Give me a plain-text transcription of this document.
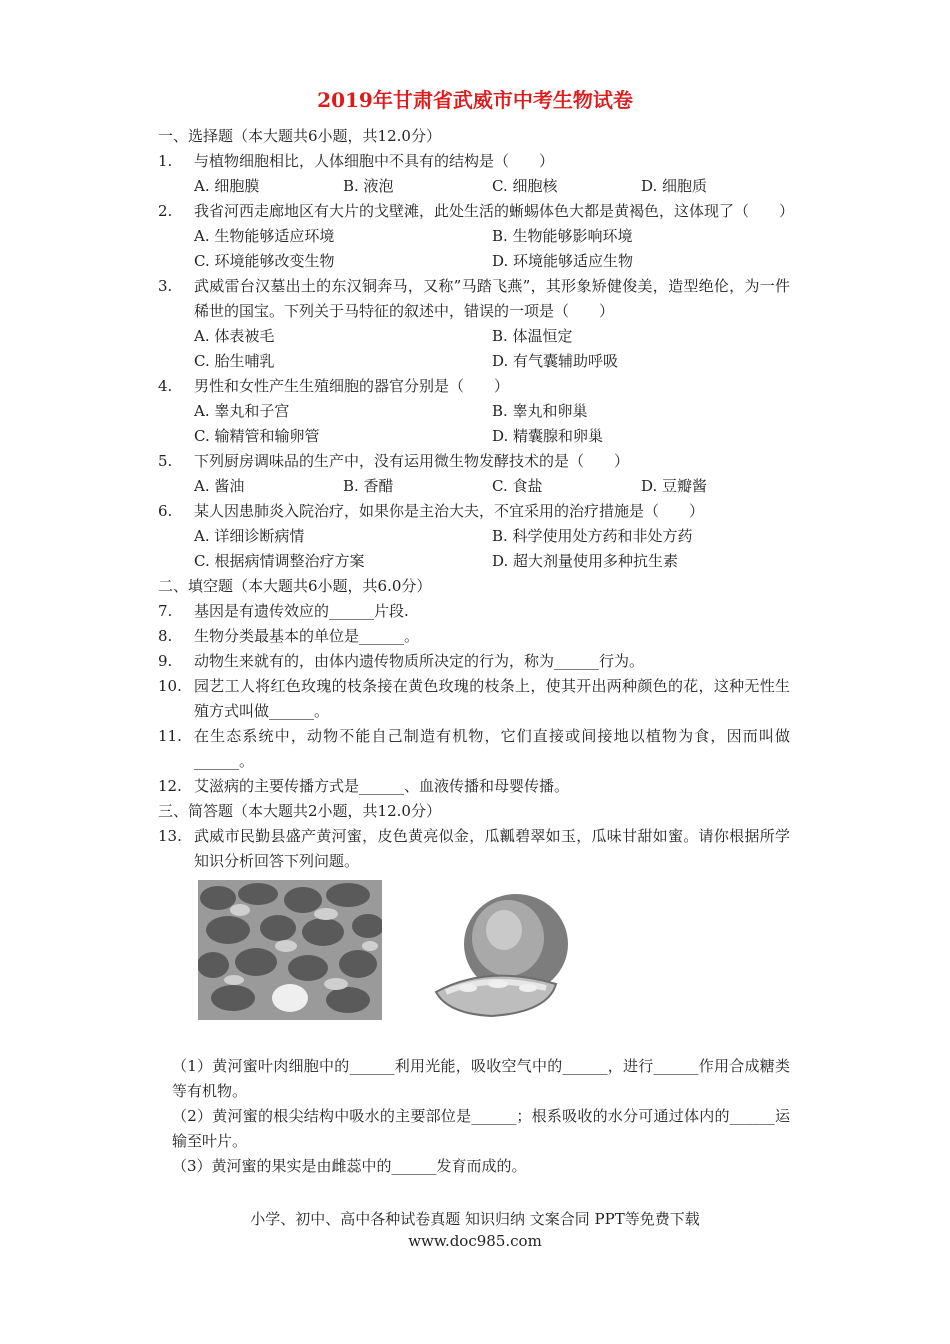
2019年甘肃省武威市中考生物试卷
一、选择题（本大题共6小题，共12.0分）
1.	与植物细胞相比，人体细胞中不具有的结构是（　　）
A. 细胞膜	B. 液泡	C. 细胞核	D. 细胞质
2.	我省河西走廊地区有大片的戈壁滩，此处生活的蜥蜴体色大都是黄褐色，这体现了（　　）
A. 生物能够适应环境	B. 生物能够影响环境
C. 环境能够改变生物	D. 环境能够适应生物
3.	武威雷台汉墓出土的东汉铜奔马，又称”马踏飞燕”，其形象矫健俊美，造型绝伦，为一件稀世的国宝。下列关于马特征的叙述中，错误的一项是（　　）
A. 体表被毛	B. 体温恒定
C. 胎生哺乳	D. 有气囊辅助呼吸
4.	男性和女性产生生殖细胞的器官分别是（　　）
A. 睾丸和子宫	B. 睾丸和卵巢
C. 输精管和输卵管	D. 精囊腺和卵巢
5.	下列厨房调味品的生产中，没有运用微生物发酵技术的是（　　）
A. 酱油	B. 香醋	C. 食盐	D. 豆瓣酱
6.	某人因患肺炎入院治疗，如果你是主治大夫，不宜采用的治疗措施是（　　）
A. 详细诊断病情	B. 科学使用处方药和非处方药
C. 根据病情调整治疗方案	D. 超大剂量使用多种抗生素
二、填空题（本大题共6小题，共6.0分）
7.	基因是有遗传效应的______片段.
8.	生物分类最基本的单位是______。
9.	动物生来就有的，由体内遗传物质所决定的行为，称为______行为。
10. 园艺工人将红色玫瑰的枝条接在黄色玫瑰的枝条上，使其开出两种颜色的花，这种无性生殖方式叫做______。
11. 在生态系统中，动物不能自己制造有机物，它们直接或间接地以植物为食，因而叫做______。
12. 艾滋病的主要传播方式是______、血液传播和母婴传播。
三、简答题（本大题共2小题，共12.0分）
13. 武威市民勤县盛产黄河蜜，皮色黄亮似金，瓜瓤碧翠如玉，瓜味甘甜如蜜。请你根据所学知识分析回答下列问题。
（1）黄河蜜叶肉细胞中的______利用光能，吸收空气中的______，进行______作用合成糖类等有机物。
（2）黄河蜜的根尖结构中吸水的主要部位是______；根系吸收的水分可通过体内的______运输至叶片。
（3）黄河蜜的果实是由雌蕊中的______发育而成的。
小学、初中、高中各种试卷真题 知识归纳 文案合同 PPT等免费下载
www.doc985.com
